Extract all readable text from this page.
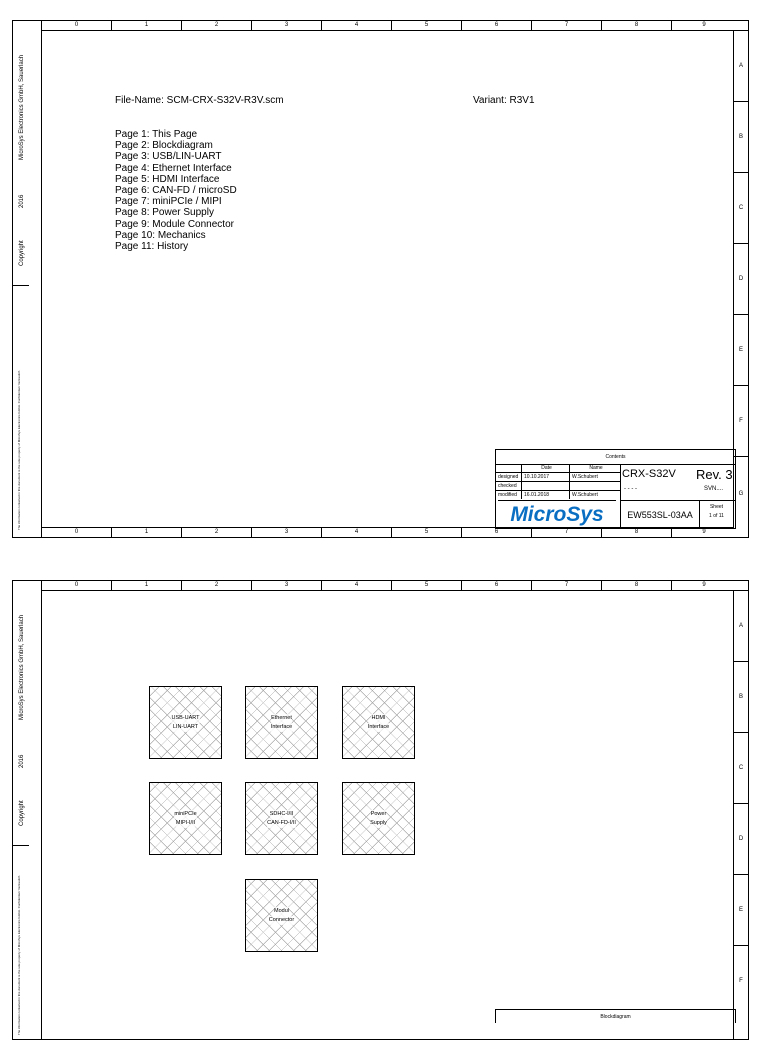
0	1	2	3	4	5	6	7	8	9
A
B
C
D
E
F
G
MicroSys Electronics GmbH, Sauerlach
2016
Copyright
The information contained in this document is the sole property of MicroSys Electronics GmbH. Confidential / Vertraulich
0	1	2	3	4	5	6	7	8	9
File-Name: SCM-CRX-S32V-R3V.scm	Variant: R3V1
Page 1: This Page
Page 2: Blockdiagram
Page 3: USB/LIN-UART
Page 4: Ethernet Interface
Page 5: HDMI Interface
Page 6: CAN-FD / microSD
Page 7: miniPCIe / MIPI
Page 8: Power Supply
Page 9: Module Connector
Page 10: Mechanics
Page 11: History
Contents
Date	Name
designed	10.10.2017	W.Schubert
checked
modified	16.01.2018	W.Schubert
CRX-S32V Rev. 3
- - - -	SVN....
MicroSys	EW553SL-03AA
Sheet
1 of 11
0	1	2	3	4	5	6	7	8	9
A
B
C
D
E
F
MicroSys Electronics GmbH, Sauerlach
2016
Copyright
The information contained in this document is the sole property of MicroSys Electronics GmbH. Confidential / Vertraulich
USB-UART
LIN-UART
Ethernet
Interface
HDMI
Interface
miniPCIe
MIPI-I/II
SDHC-I/II
CAN-FD-I/II
Power
Supply
Modul
Connector
Blockdiagram
